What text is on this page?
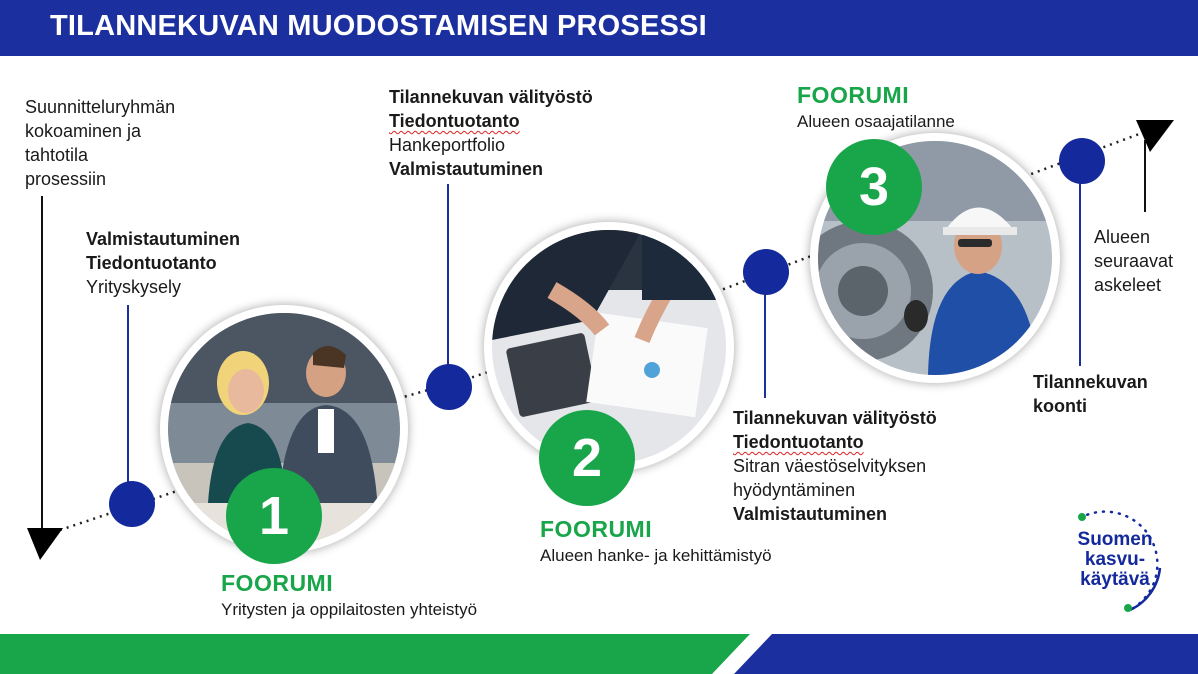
TILANNEKUVAN MUODOSTAMISEN PROSESSI
1
2
3
Suunnitteluryhmän
kokoaminen ja
tahtotila
prosessiin
Valmistautuminen
Tiedontuotanto
Yrityskysely
Tilannekuvan välityöstö
Tiedontuotanto
Hankeportfolio
Valmistautuminen
Tilannekuvan välityöstö
Tiedontuotanto
Sitran väestöselvityksen
hyödyntäminen
Valmistautuminen
Alueen
seuraavat
askeleet
Tilannekuvan
koonti
FOORUMI
Yritysten ja oppilaitosten yhteistyö
FOORUMI
Alueen hanke- ja kehittämistyö
FOORUMI
Alueen osaajatilanne
Suomen
kasvu-
käytävä
